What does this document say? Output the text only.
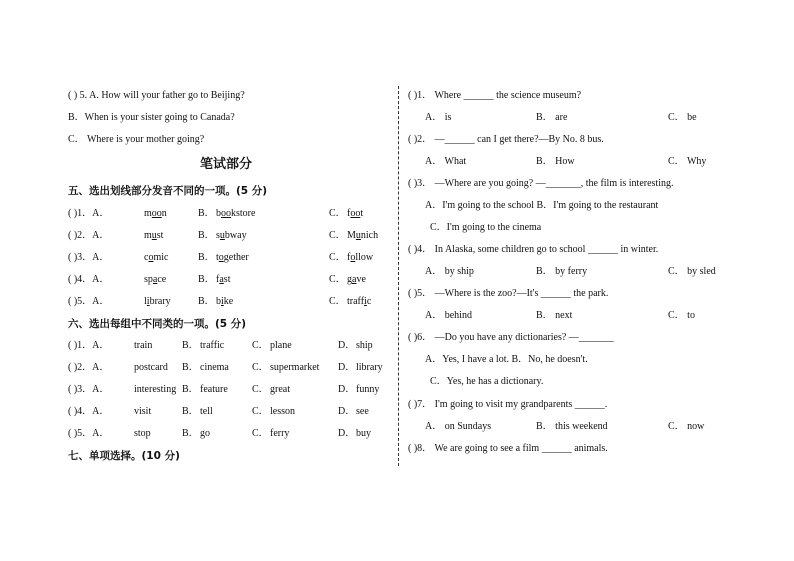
( ) 5. A. How will your father go to Beijing?
B．When is your sister going to Canada?
C． Where is your mother going?
笔试部分
五、选出划线部分发音不同的一项。(5 分)
( )1．A．	moon	B． bookstore	C． foot
( )2．A．	must	B． subway	C． Munich
( )3．A．	comic	B． together	C． follow
( )4．A．	space	B． fast	C． gave
( )5．A．	library	B． bike	C． traffic
六、选出每组中不同类的一项。(5 分)
( )1．A． train	B． traffic	C． plane	D． ship
( )2．A． postcard B． cinema C． supermarket D． library
( )3．A． interesting B． feature C． great	D． funny
( )4．A． visit	B． tell	C． lesson	D． see
( )5．A． stop	B． go	C． ferry	D． buy
七、单项选择。(10 分)
( )1． Where ______ the science museum?
A． is	B． are	C． be
( )2． —______ can I get there?—By No. 8 bus.
A． What	B． How	C． Why
( )3． —Where are you going? —_______, the film is interesting.
A．I'm going to the school B．I'm going to the restaurant
C．I'm going to the cinema
( )4． In Alaska, some children go to school ______ in winter.
A． by ship	B． by ferry	C． by sled
( )5． —Where is the zoo?—It's ______ the park.
A． behind	B． next	C． to
( )6． —Do you have any dictionaries? —_______
A．Yes, I have a lot. B．No, he doesn't.
C．Yes, he has a dictionary.
( )7． I'm going to visit my grandparents ______.
A． on Sundays	B． this weekend	C． now
( )8． We are going to see a film ______ animals.
